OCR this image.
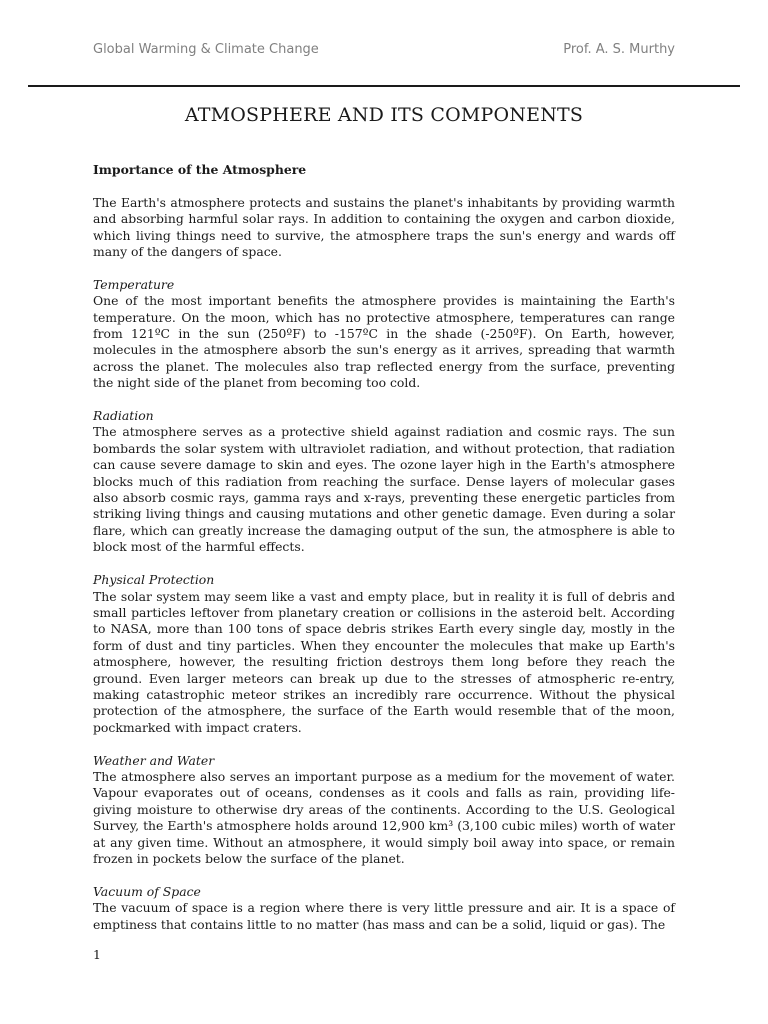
Global Warming & Climate Change	Prof. A. S. Murthy
ATMOSPHERE AND ITS COMPONENTS
Importance of the Atmosphere

The Earth's atmosphere protects and sustains the planet's inhabitants by providing warmth and absorbing harmful solar rays. In addition to containing the oxygen and carbon dioxide, which living things need to survive, the atmosphere traps the sun's energy and wards off many of the dangers of space.

Temperature
One of the most important benefits the atmosphere provides is maintaining the Earth's temperature. On the moon, which has no protective atmosphere, temperatures can range from 121ºC in the sun (250ºF) to -157ºC in the shade (-250ºF). On Earth, however, molecules in the atmosphere absorb the sun's energy as it arrives, spreading that warmth across the planet. The molecules also trap reflected energy from the surface, preventing the night side of the planet from becoming too cold.
Radiation
The atmosphere serves as a protective shield against radiation and cosmic rays. The sun bombards the solar system with ultraviolet radiation, and without protection, that radiation can cause severe damage to skin and eyes. The ozone layer high in the Earth's atmosphere blocks much of this radiation from reaching the surface. Dense layers of molecular gases also absorb cosmic rays, gamma rays and x-rays, preventing these energetic particles from striking living things and causing mutations and other genetic damage. Even during a solar flare, which can greatly increase the damaging output of the sun, the atmosphere is able to block most of the harmful effects.
Physical Protection
The solar system may seem like a vast and empty place, but in reality it is full of debris and small particles leftover from planetary creation or collisions in the asteroid belt. According to NASA, more than 100 tons of space debris strikes Earth every single day, mostly in the form of dust and tiny particles. When they encounter the molecules that make up Earth's atmosphere, however, the resulting friction destroys them long before they reach the ground. Even larger meteors can break up due to the stresses of atmospheric re-entry, making catastrophic meteor strikes an incredibly rare occurrence. Without the physical protection of the atmosphere, the surface of the Earth would resemble that of the moon, pockmarked with impact craters.
Weather and Water
The atmosphere also serves an important purpose as a medium for the movement of water. Vapour evaporates out of oceans, condenses as it cools and falls as rain, providing life-giving moisture to otherwise dry areas of the continents. According to the U.S. Geological Survey, the Earth's atmosphere holds around 12,900 km³ (3,100 cubic miles) worth of water at any given time. Without an atmosphere, it would simply boil away into space, or remain frozen in pockets below the surface of the planet.
Vacuum of Space
The vacuum of space is a region where there is very little pressure and air. It is a space of emptiness that contains little to no matter (has mass and can be a solid, liquid or gas). The
1
